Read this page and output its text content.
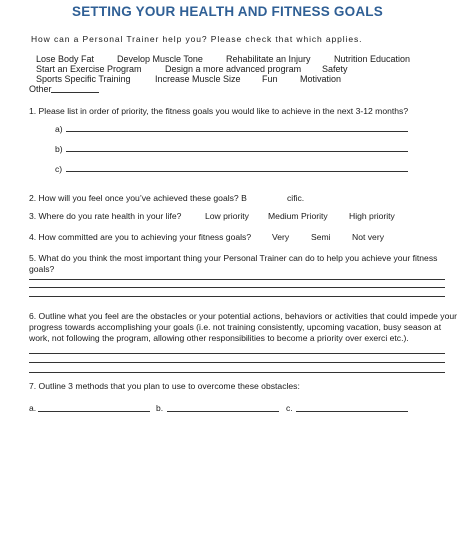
SETTING YOUR HEALTH AND FITNESS GOALS
How can a Personal Trainer help you? Please check that which applies.
Lose Body Fat	Develop Muscle Tone	Rehabilitate an Injury	Nutrition Education
Start an Exercise Program	Design a more advanced program Safety
Sports Specific Training	Increase Muscle Size Fun Motivation
Other
1. Please list in order of priority, the fitness goals you would like to achieve in the next 3-12 months?
a)
b)
c)
2. How will you feel once you’ve achieved these goals? B	cific.
3. Where do you rate health in your life?	Low priority Medium Priority High priority
4. How committed are you to achieving your fitness goals? Very	Semi Not very
5. What do you think the most important thing your Personal Trainer can do to help you achieve your fitness
goals?
6. Outline what you feel are the obstacles or your potential actions, behaviors or activities that could impede your
progress towards accomplishing your goals (i.e. not training consistently, upcoming vacation, busy season at
work, not following the program, allowing other responsibilities to become a priority over exerci etc.).
7. Outline 3 methods that you plan to use to overcome these obstacles:
a.	b.	c.
